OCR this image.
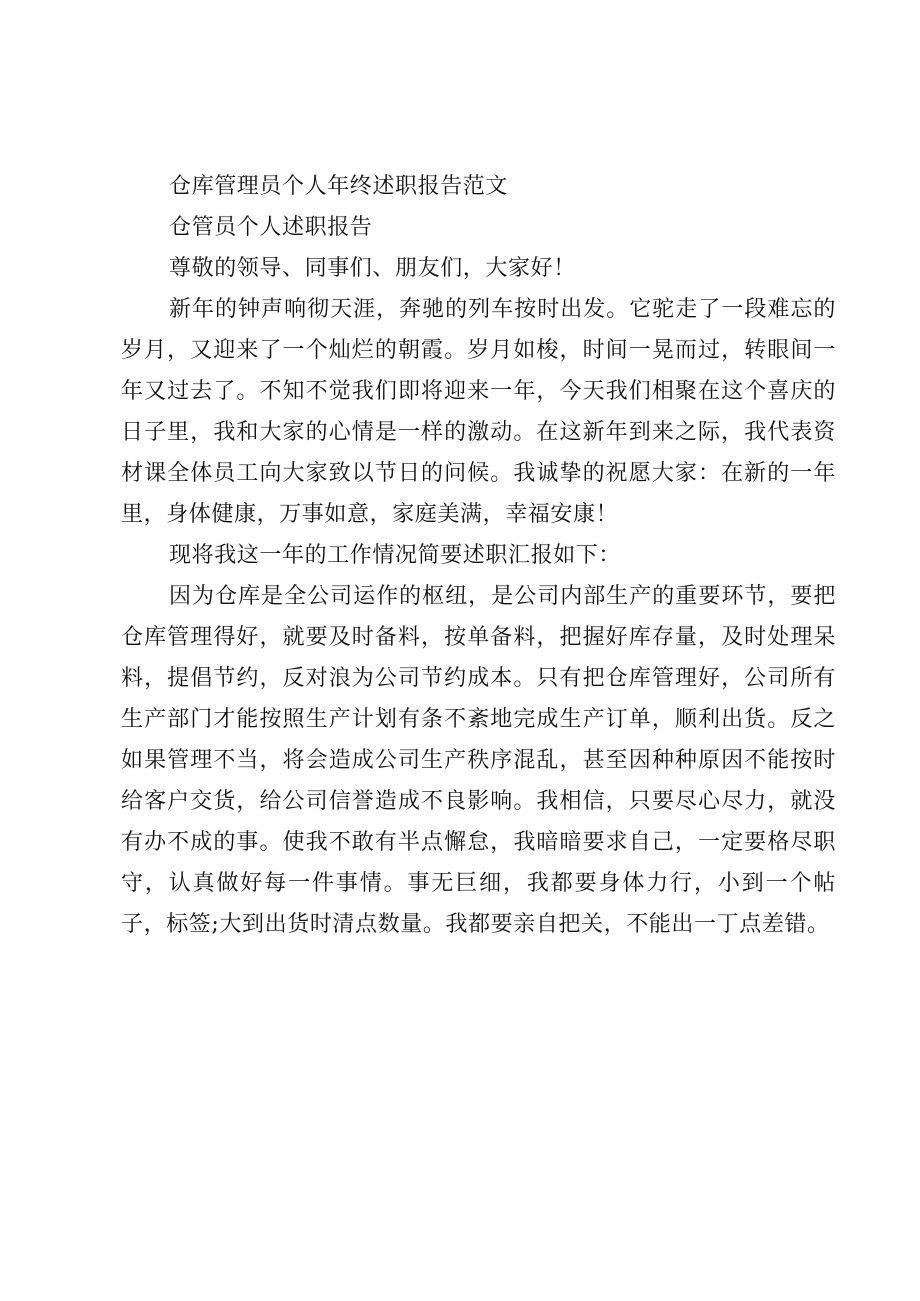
仓库管理员个人年终述职报告范文

仓管员个人述职报告

尊敬的领导、同事们、朋友们，大家好！

新年的钟声响彻天涯，奔驰的列车按时出发。它驼走了一段难忘的岁月，又迎来了一个灿烂的朝霞。岁月如梭，时间一晃而过，转眼间一年又过去了。不知不觉我们即将迎来一年，今天我们相聚在这个喜庆的日子里，我和大家的心情是一样的激动。在这新年到来之际，我代表资材课全体员工向大家致以节日的问候。我诚挚的祝愿大家：在新的一年里，身体健康，万事如意，家庭美满，幸福安康！

现将我这一年的工作情况简要述职汇报如下：

因为仓库是全公司运作的枢纽，是公司内部生产的重要环节，要把仓库管理得好，就要及时备料，按单备料，把握好库存量，及时处理呆料，提倡节约，反对浪为公司节约成本。只有把仓库管理好，公司所有生产部门才能按照生产计划有条不紊地完成生产订单，顺利出货。反之如果管理不当，将会造成公司生产秩序混乱，甚至因种种原因不能按时给客户交货，给公司信誉造成不良影响。我相信，只要尽心尽力，就没有办不成的事。使我不敢有半点懈怠，我暗暗要求自己，一定要格尽职守，认真做好每一件事情。事无巨细，我都要身体力行，小到一个帖子，标签;大到出货时清点数量。我都要亲自把关，不能出一丁点差错。
